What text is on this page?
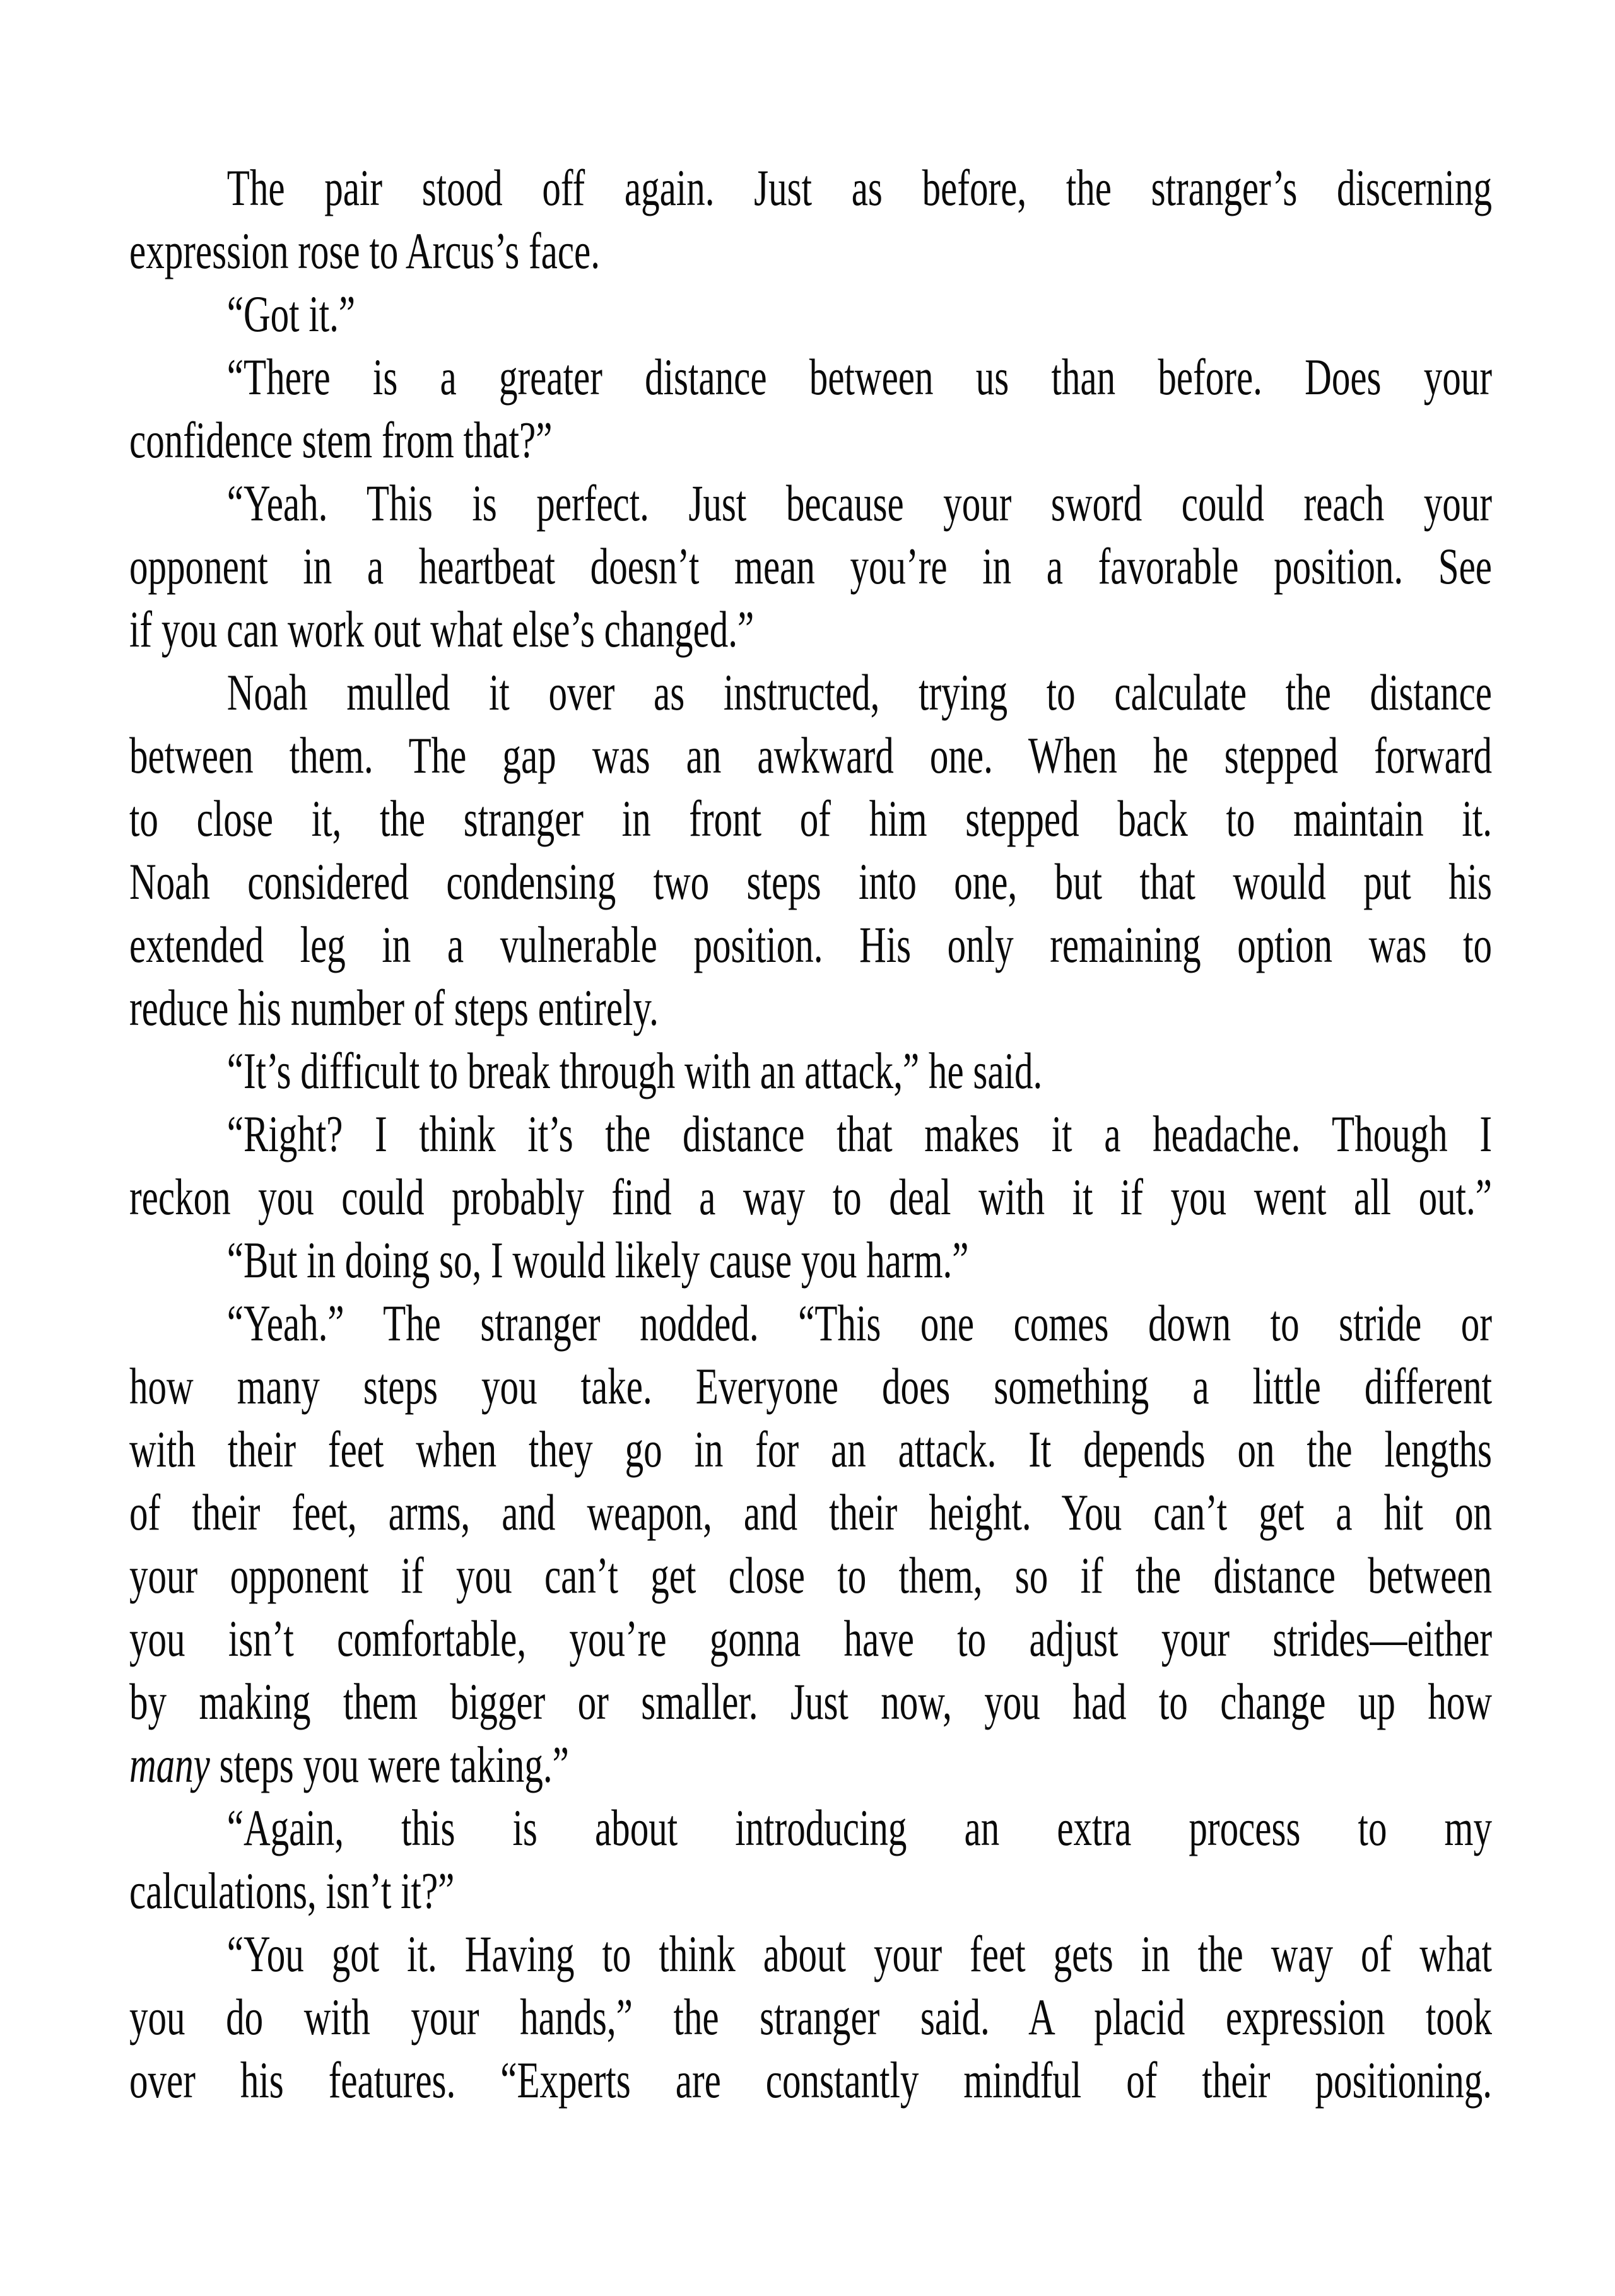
The pair stood off again. Just as before, the stranger’s discerning
expression rose to Arcus’s face.
“Got it.”
“There is a greater distance between us than before. Does your
confidence stem from that?”
“Yeah. This is perfect. Just because your sword could reach your
opponent in a heartbeat doesn’t mean you’re in a favorable position. See
if you can work out what else’s changed.”
Noah mulled it over as instructed, trying to calculate the distance
between them. The gap was an awkward one. When he stepped forward
to close it, the stranger in front of him stepped back to maintain it.
Noah considered condensing two steps into one, but that would put his
extended leg in a vulnerable position. His only remaining option was to
reduce his number of steps entirely.
“It’s difficult to break through with an attack,” he said.
“Right? I think it’s the distance that makes it a headache. Though I
reckon you could probably find a way to deal with it if you went all out.”
“But in doing so, I would likely cause you harm.”
“Yeah.” The stranger nodded. “This one comes down to stride or
how many steps you take. Everyone does something a little different
with their feet when they go in for an attack. It depends on the lengths
of their feet, arms, and weapon, and their height. You can’t get a hit on
your opponent if you can’t get close to them, so if the distance between
you isn’t comfortable, you’re gonna have to adjust your strides—either
by making them bigger or smaller. Just now, you had to change up how
many steps you were taking.”
“Again, this is about introducing an extra process to my
calculations, isn’t it?”
“You got it. Having to think about your feet gets in the way of what
you do with your hands,” the stranger said. A placid expression took
over his features. “Experts are constantly mindful of their positioning.
